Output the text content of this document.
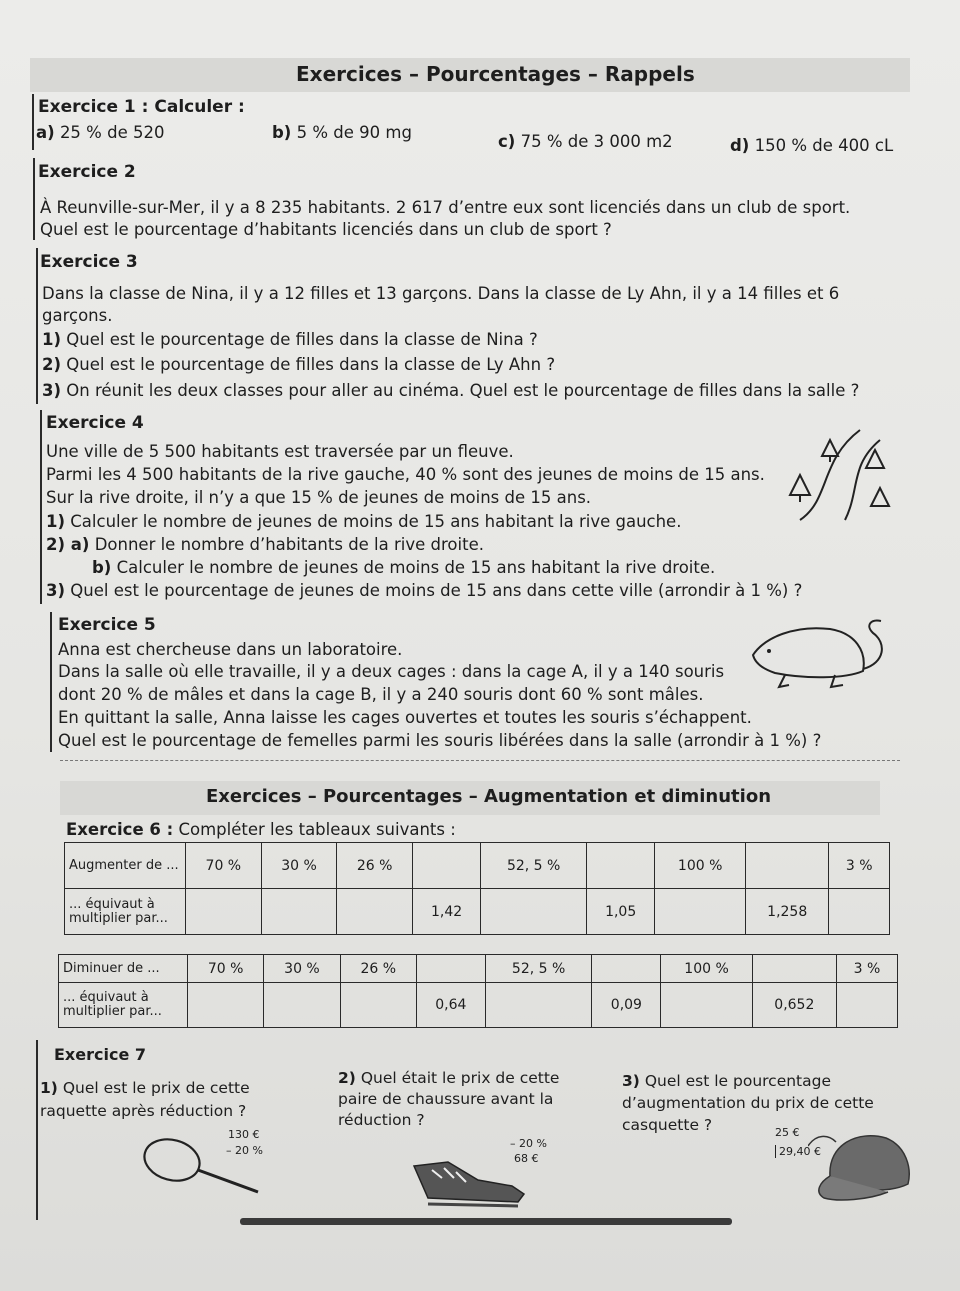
Exercices – Pourcentages – Rappels
Exercice 1 : Calculer :
a) 25 % de 520	b) 5 % de 90 mg	c) 75 % de 3 000 m2	d) 150 % de 400 cL
Exercice 2
À Reunville-sur-Mer, il y a 8 235 habitants. 2 617 d’entre eux sont licenciés dans un club de sport.
Quel est le pourcentage d’habitants licenciés dans un club de sport ?
Exercice 3
Dans la classe de Nina, il y a 12 filles et 13 garçons. Dans la classe de Ly Ahn, il y a 14 filles et 6
garçons.
1) Quel est le pourcentage de filles dans la classe de Nina ?
2) Quel est le pourcentage de filles dans la classe de Ly Ahn ?
3) On réunit les deux classes pour aller au cinéma. Quel est le pourcentage de filles dans la salle ?
Exercice 4
Une ville de 5 500 habitants est traversée par un fleuve.
Parmi les 4 500 habitants de la rive gauche, 40 % sont des jeunes de moins de 15 ans.
Sur la rive droite, il n’y a que 15 % de jeunes de moins de 15 ans.
1) Calculer le nombre de jeunes de moins de 15 ans habitant la rive gauche.
2) a) Donner le nombre d’habitants de la rive droite.
b) Calculer le nombre de jeunes de moins de 15 ans habitant la rive droite.
3) Quel est le pourcentage de jeunes de moins de 15 ans dans cette ville (arrondir à 1 %) ?
Exercice 5
Anna est chercheuse dans un laboratoire.
Dans la salle où elle travaille, il y a deux cages : dans la cage A, il y a 140 souris
dont 20 % de mâles et dans la cage B, il y a 240 souris dont 60 % sont mâles.
En quittant la salle, Anna laisse les cages ouvertes et toutes les souris s’échappent.
Quel est le pourcentage de femelles parmi les souris libérées dans la salle (arrondir à 1 %) ?
Exercices – Pourcentages – Augmentation et diminution
Exercice 6 : Compléter les tableaux suivants :
Augmenter de ...	70 %	30 %	26 %		52, 5 %		100 %		3 %
... équivaut à multiplier par...				1,42		1,05		1,258	
Diminuer de ...	70 %	30 %	26 %		52, 5 %		100 %		3 %
... équivaut à multiplier par...				0,64		0,09		0,652	
Exercice 7
1) Quel est le prix de cette
raquette après réduction ?
2) Quel était le prix de cette
paire de chaussure avant la
réduction ?
3) Quel est le pourcentage
d’augmentation du prix de cette
casquette ?
130 €
– 20 %
– 20 %
68 €
25 €
29,40 €
